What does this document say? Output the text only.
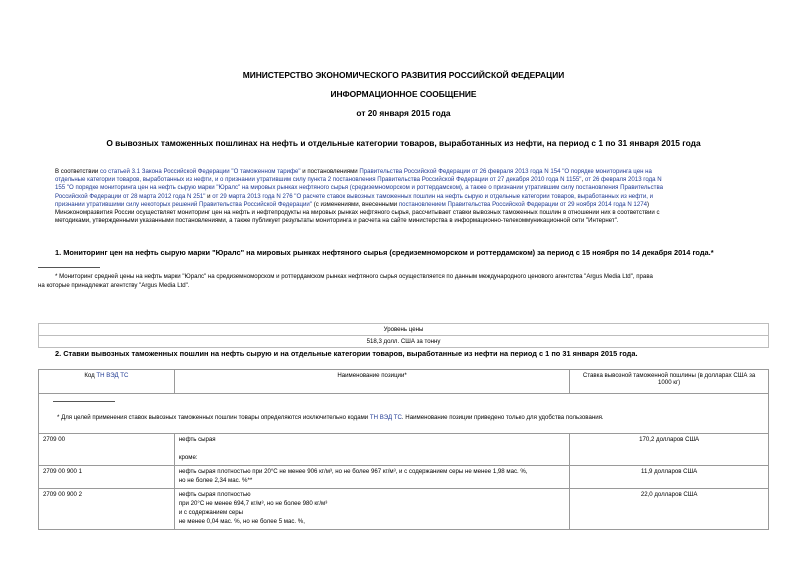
МИНИСТЕРСТВО ЭКОНОМИЧЕСКОГО РАЗВИТИЯ РОССИЙСКОЙ ФЕДЕРАЦИИ
ИНФОРМАЦИОННОЕ СООБЩЕНИЕ
от 20 января 2015 года
О вывозных таможенных пошлинах на нефть и отдельные категории товаров, выработанных из нефти, на период с 1 по 31 января 2015 года
В соответствии со статьей 3.1 Закона Российской Федерации "О таможенном тарифе" и постановлениями Правительства Российской Федерации от 26 февраля 2013 года N 154 "О порядке мониторинга цен на
отдельные категории товаров, выработанных из нефти, и о признании утратившим силу пункта 2 постановления Правительства Российской Федерации от 27 декабря 2010 года N 1155", от 26 февраля 2013 года N
155 "О порядке мониторинга цен на нефть сырую марки "Юралс" на мировых рынках нефтяного сырья (средиземноморском и роттердамском), а также о признании утратившим силу постановления Правительства
Российской Федерации от 28 марта 2012 года N 251" и от 29 марта 2013 года N 276 "О расчете ставок вывозных таможенных пошлин на нефть сырую и отдельные категории товаров, выработанных из нефти, и
признании утратившими силу некоторых решений Правительства Российской Федерации" (с изменениями, внесенными постановлением Правительства Российской Федерации от 29 ноября 2014 года N 1274)
Минэкономразвития России осуществляет мониторинг цен на нефть и нефтепродукты на мировых рынках нефтяного сырья, рассчитывает ставки вывозных таможенных пошлин в отношении них в соответствии с
методиками, утвержденными указанными постановлениями, а также публикует результаты мониторинга и расчета на сайте министерства в информационно-телекоммуникационной сети "Интернет".
1. Мониторинг цен на нефть сырую марки "Юралс" на мировых рынках нефтяного сырья (средиземноморском и роттердамском) за период с 15 ноября по 14 декабря 2014 года.*
* Мониторинг средней цены на нефть марки "Юралс" на средиземноморском и роттердамском рынках нефтяного сырья осуществляется по данным международного ценового агентства "Argus Media Ltd", права
на которые принадлежат агентству "Argus Media Ltd".
Уровень цены
518,3 долл. США за тонну
2. Ставки вывозных таможенных пошлин на нефть сырую и на отдельные категории товаров, выработанные из нефти на период с 1 по 31 января 2015 года.
Код ТН ВЭД ТС	Наименование позиции*	Ставка вывозной таможенной пошлины (в долларах США за
1000 кг)

* Для целей применения ставок вывозных таможенных пошлин товары определяются исключительно кодами ТН ВЭД ТС. Наименование позиции приведено только для удобства пользования.		
2709 00	нефть сырая

кроме:	170,2 долларов США
2709 00 900 1	нефть сырая плотностью при 20°С не менее 906 кг/м³, но не более 967 кг/м³, и с содержанием серы не менее 1,98 мас. %,
но не более 2,34 мас. %**	11,9 долларов США
2709 00 900 2	нефть сырая плотностью
при 20°С не менее 694,7 кг/м³, но не более 980 кг/м³
и с содержанием серы
не менее 0,04 мас. %, но не более 5 мас. %,	22,0 долларов США
